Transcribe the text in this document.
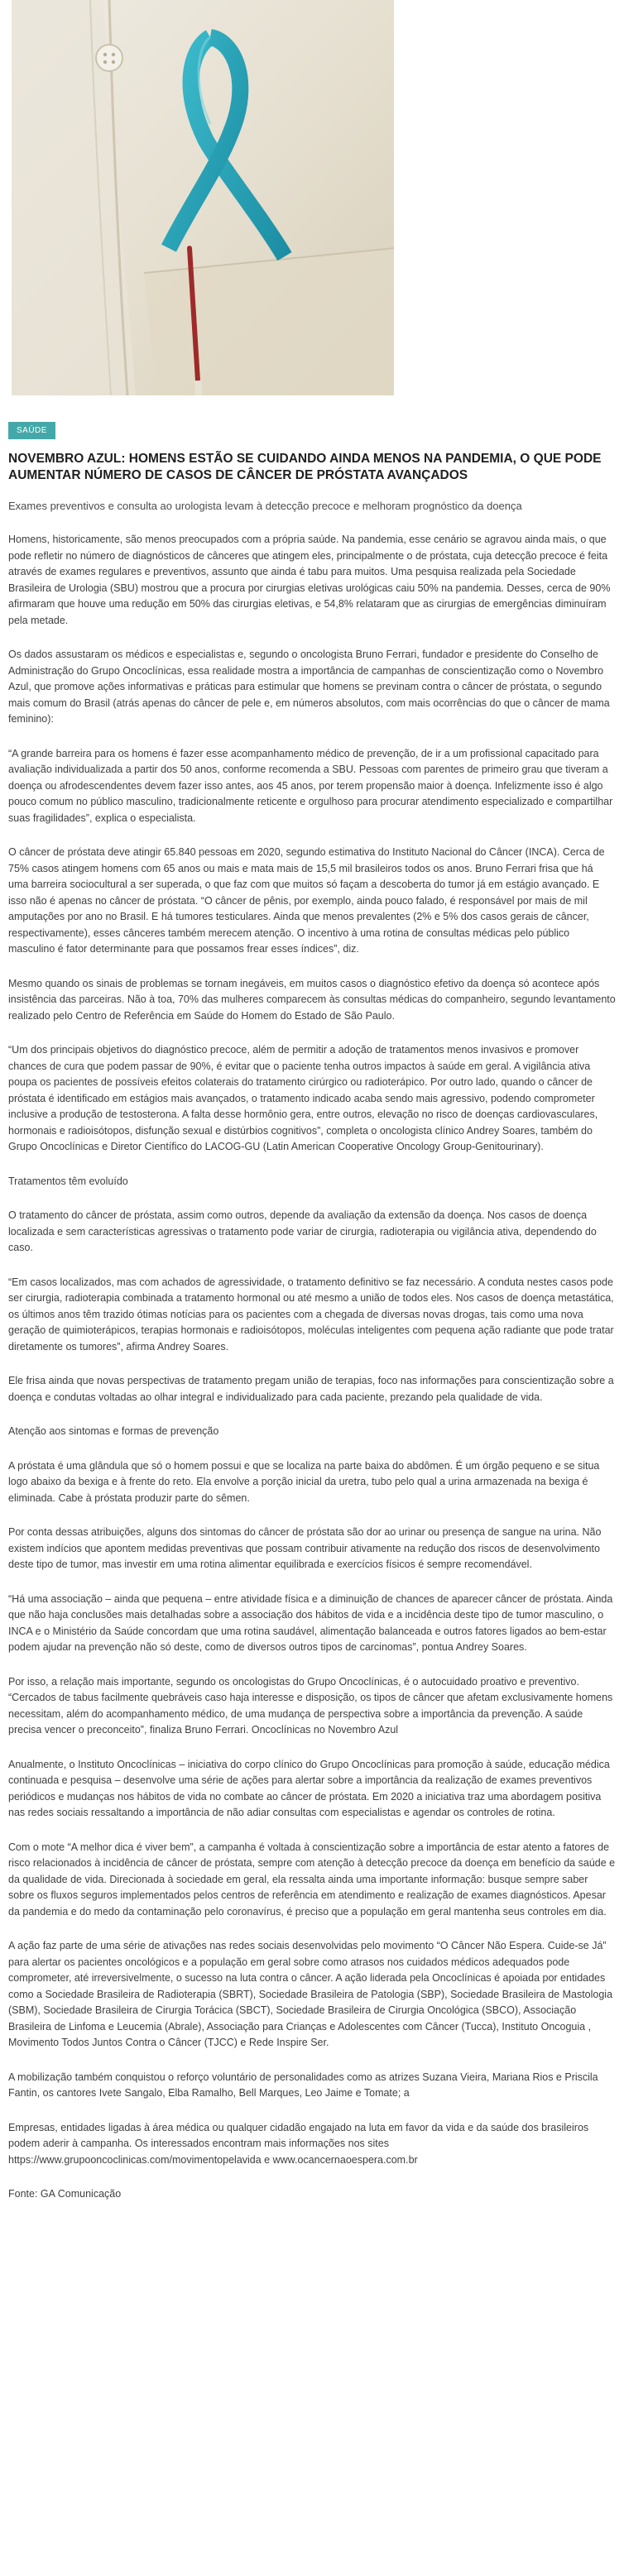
SAÚDE
NOVEMBRO AZUL: HOMENS ESTÃO SE CUIDANDO AINDA MENOS NA PANDEMIA, O QUE PODE AUMENTAR NÚMERO DE CASOS DE CÂNCER DE PRÓSTATA AVANÇADOS

Exames preventivos e consulta ao urologista levam à detecção precoce e melhoram prognóstico da doença

Homens, historicamente, são menos preocupados com a própria saúde. Na pandemia, esse cenário se agravou ainda mais, o que pode refletir no número de diagnósticos de cânceres que atingem eles, principalmente o de próstata, cuja detecção precoce é feita através de exames regulares e preventivos, assunto que ainda é tabu para muitos. Uma pesquisa realizada pela Sociedade Brasileira de Urologia (SBU) mostrou que a procura por cirurgias eletivas urológicas caiu 50% na pandemia. Desses, cerca de 90% afirmaram que houve uma redução em 50% das cirurgias eletivas, e 54,8% relataram que as cirurgias de emergências diminuíram pela metade.

Os dados assustaram os médicos e especialistas e, segundo o oncologista Bruno Ferrari, fundador e presidente do Conselho de Administração do Grupo Oncoclínicas, essa realidade mostra a importância de campanhas de conscientização como o Novembro Azul, que promove ações informativas e práticas para estimular que homens se previnam contra o câncer de próstata, o segundo mais comum do Brasil (atrás apenas do câncer de pele e, em números absolutos, com mais ocorrências do que o câncer de mama feminino):

“A grande barreira para os homens é fazer esse acompanhamento médico de prevenção, de ir a um profissional capacitado para avaliação individualizada a partir dos 50 anos, conforme recomenda a SBU. Pessoas com parentes de primeiro grau que tiveram a doença ou afrodescendentes devem fazer isso antes, aos 45 anos, por terem propensão maior à doença. Infelizmente isso é algo pouco comum no público masculino, tradicionalmente reticente e orgulhoso para procurar atendimento especializado e compartilhar suas fragilidades”, explica o especialista.

O câncer de próstata deve atingir 65.840 pessoas em 2020, segundo estimativa do Instituto Nacional do Câncer (INCA). Cerca de 75% casos atingem homens com 65 anos ou mais e mata mais de 15,5 mil brasileiros todos os anos. Bruno Ferrari frisa que há uma barreira sociocultural a ser superada, o que faz com que muitos só façam a descoberta do tumor já em estágio avançado. E isso não é apenas no câncer de próstata. “O câncer de pênis, por exemplo, ainda pouco falado, é responsável por mais de mil amputações por ano no Brasil. E há tumores testiculares. Ainda que menos prevalentes (2% e 5% dos casos gerais de câncer, respectivamente), esses cânceres também merecem atenção. O incentivo à uma rotina de consultas médicas pelo público masculino é fator determinante para que possamos frear esses índices”, diz.

Mesmo quando os sinais de problemas se tornam inegáveis, em muitos casos o diagnóstico efetivo da doença só acontece após insistência das parceiras. Não à toa, 70% das mulheres comparecem às consultas médicas do companheiro, segundo levantamento realizado pelo Centro de Referência em Saúde do Homem do Estado de São Paulo.

“Um dos principais objetivos do diagnóstico precoce, além de permitir a adoção de tratamentos menos invasivos e promover chances de cura que podem passar de 90%, é evitar que o paciente tenha outros impactos à saúde em geral. A vigilância ativa poupa os pacientes de possíveis efeitos colaterais do tratamento cirúrgico ou radioterápico. Por outro lado, quando o câncer de próstata é identificado em estágios mais avançados, o tratamento indicado acaba sendo mais agressivo, podendo comprometer inclusive a produção de testosterona. A falta desse hormônio gera, entre outros, elevação no risco de doenças cardiovasculares, hormonais e radioisótopos, disfunção sexual e distúrbios cognitivos”, completa o oncologista clínico Andrey Soares, também do Grupo Oncoclínicas e Diretor Científico do LACOG-GU (Latin American Cooperative Oncology Group-Genitourinary).

Tratamentos têm evoluído

O tratamento do câncer de próstata, assim como outros, depende da avaliação da extensão da doença. Nos casos de doença localizada e sem características agressivas o tratamento pode variar de cirurgia, radioterapia ou vigilância ativa, dependendo do caso.

“Em casos localizados, mas com achados de agressividade, o tratamento definitivo se faz necessário. A conduta nestes casos pode ser cirurgia, radioterapia combinada a tratamento hormonal ou até mesmo a união de todos eles. Nos casos de doença metastática, os últimos anos têm trazido ótimas notícias para os pacientes com a chegada de diversas novas drogas, tais como uma nova geração de quimioterápicos, terapias hormonais e radioisótopos, moléculas inteligentes com pequena ação radiante que pode tratar diretamente os tumores”, afirma Andrey Soares.

Ele frisa ainda que novas perspectivas de tratamento pregam união de terapias, foco nas informações para conscientização sobre a doença e condutas voltadas ao olhar integral e individualizado para cada paciente, prezando pela qualidade de vida.

Atenção aos sintomas e formas de prevenção

A próstata é uma glândula que só o homem possui e que se localiza na parte baixa do abdômen. É um órgão pequeno e se situa logo abaixo da bexiga e à frente do reto. Ela envolve a porção inicial da uretra, tubo pelo qual a urina armazenada na bexiga é eliminada. Cabe à próstata produzir parte do sêmen.

Por conta dessas atribuições, alguns dos sintomas do câncer de próstata são dor ao urinar ou presença de sangue na urina. Não existem indícios que apontem medidas preventivas que possam contribuir ativamente na redução dos riscos de desenvolvimento deste tipo de tumor, mas investir em uma rotina alimentar equilibrada e exercícios físicos é sempre recomendável.

“Há uma associação – ainda que pequena – entre atividade física e a diminuição de chances de aparecer câncer de próstata. Ainda que não haja conclusões mais detalhadas sobre a associação dos hábitos de vida e a incidência deste tipo de tumor masculino, o INCA e o Ministério da Saúde concordam que uma rotina saudável, alimentação balanceada e outros fatores ligados ao bem-estar podem ajudar na prevenção não só deste, como de diversos outros tipos de carcinomas”, pontua Andrey Soares.

Por isso, a relação mais importante, segundo os oncologistas do Grupo Oncoclínicas, é o autocuidado proativo e preventivo. “Cercados de tabus facilmente quebráveis caso haja interesse e disposição, os tipos de câncer que afetam exclusivamente homens necessitam, além do acompanhamento médico, de uma mudança de perspectiva sobre a importância da prevenção. A saúde precisa vencer o preconceito”, finaliza Bruno Ferrari. Oncoclínicas no Novembro Azul

Anualmente, o Instituto Oncoclínicas – iniciativa do corpo clínico do Grupo Oncoclínicas para promoção à saúde, educação médica continuada e pesquisa – desenvolve uma série de ações para alertar sobre a importância da realização de exames preventivos periódicos e mudanças nos hábitos de vida no combate ao câncer de próstata. Em 2020 a iniciativa traz uma abordagem positiva nas redes sociais ressaltando a importância de não adiar consultas com especialistas e agendar os controles de rotina.

Com o mote “A melhor dica é viver bem”, a campanha é voltada à conscientização sobre a importância de estar atento a fatores de risco relacionados à incidência de câncer de próstata, sempre com atenção à detecção precoce da doença em benefício da saúde e da qualidade de vida. Direcionada à sociedade em geral, ela ressalta ainda uma importante informação: busque sempre saber sobre os fluxos seguros implementados pelos centros de referência em atendimento e realização de exames diagnósticos. Apesar da pandemia e do medo da contaminação pelo coronavírus, é preciso que a população em geral mantenha seus controles em dia.

A ação faz parte de uma série de ativações nas redes sociais desenvolvidas pelo movimento “O Câncer Não Espera. Cuide-se Já” para alertar os pacientes oncológicos e a população em geral sobre como atrasos nos cuidados médicos adequados pode comprometer, até irreversivelmente, o sucesso na luta contra o câncer. A ação liderada pela Oncoclínicas é apoiada por entidades como a Sociedade Brasileira de Radioterapia (SBRT), Sociedade Brasileira de Patologia (SBP), Sociedade Brasileira de Mastologia (SBM), Sociedade Brasileira de Cirurgia Torácica (SBCT), Sociedade Brasileira de Cirurgia Oncológica (SBCO), Associação Brasileira de Linfoma e Leucemia (Abrale), Associação para Crianças e Adolescentes com Câncer (Tucca), Instituto Oncoguia , Movimento Todos Juntos Contra o Câncer (TJCC) e Rede Inspire Ser.

A mobilização também conquistou o reforço voluntário de personalidades como as atrizes Suzana Vieira, Mariana Rios e Priscila Fantin, os cantores Ivete Sangalo, Elba Ramalho, Bell Marques, Leo Jaime e Tomate; a

Empresas, entidades ligadas à área médica ou qualquer cidadão engajado na luta em favor da vida e da saúde dos brasileiros podem aderir à campanha. Os interessados encontram mais informações nos sites https://www.grupooncoclinicas.com/movimentopelavida e www.ocancernaoespera.com.br

Fonte: GA Comunicação
